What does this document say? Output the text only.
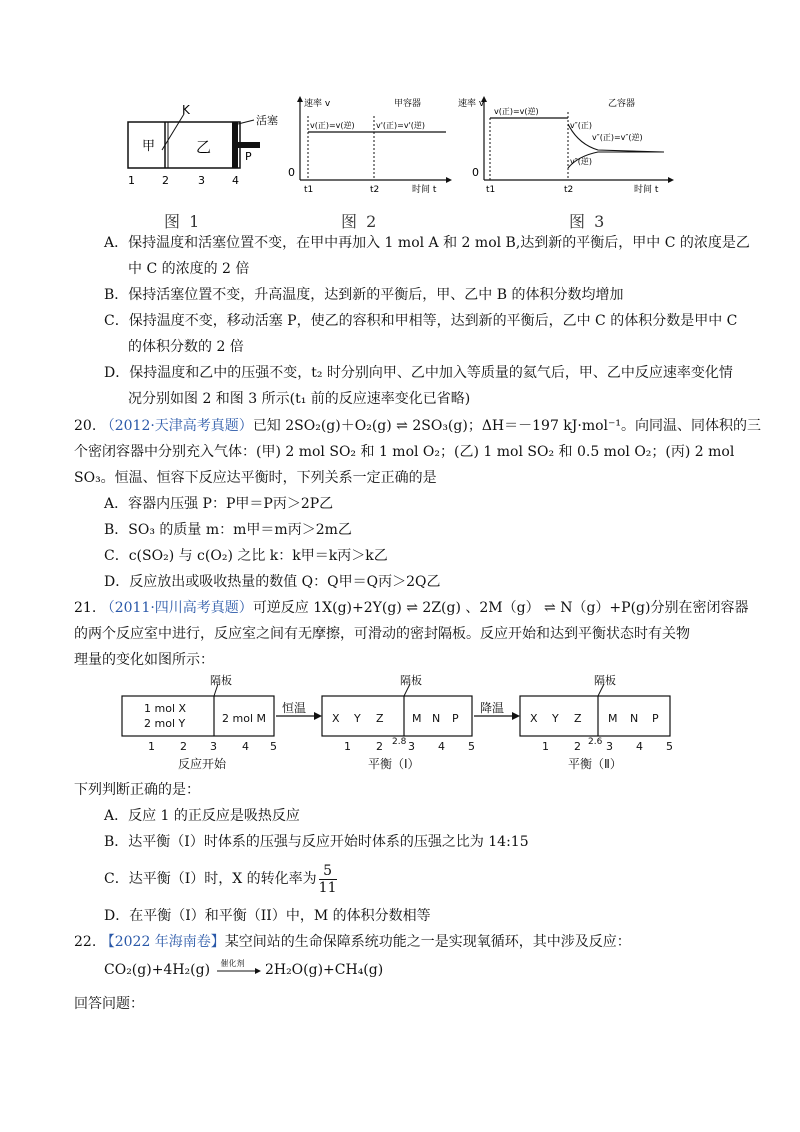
甲	乙
K
活塞
P
1 2	3 4
图 1
速率 v	甲容器
v(正)=v(逆)	v'(正)=v'(逆)
0
t1	t2	时间 t
图 2
速率 v	乙容器
v(正)=v(逆)
v″(正)
v″(正)=v″(逆)
v″(逆)
0
t1	t2	时间 t
图 3
A．保持温度和活塞位置不变，在甲中再加入 1 mol A 和 2 mol B,达到新的平衡后，甲中 C 的浓度是乙
中 C 的浓度的 2 倍
B．保持活塞位置不变，升高温度，达到新的平衡后，甲、乙中 B 的体积分数均增加
C．保持温度不变，移动活塞 P，使乙的容积和甲相等，达到新的平衡后，乙中 C 的体积分数是甲中 C
的体积分数的 2 倍
D．保持温度和乙中的压强不变，t₂ 时分别向甲、乙中加入等质量的氦气后，甲、乙中反应速率变化情
况分别如图 2 和图 3 所示(t₁ 前的反应速率变化已省略)
20. （2012·天津高考真题）已知 2SO₂(g)＋O₂(g) ⇌ 2SO₃(g)；ΔH＝－197 kJ·mol⁻¹。向同温、同体积的三
个密闭容器中分别充入气体：(甲) 2 mol SO₂ 和 1 mol O₂；(乙) 1 mol SO₂ 和 0.5 mol O₂；(丙) 2 mol
SO₃。恒温、恒容下反应达平衡时，下列关系一定正确的是
A．容器内压强 P：P甲＝P丙＞2P乙
B．SO₃ 的质量 m：m甲＝m丙＞2m乙
C．c(SO₂) 与 c(O₂) 之比 k：k甲＝k丙＞k乙
D．反应放出或吸收热量的数值 Q：Q甲＝Q丙＞2Q乙
21. （2011·四川高考真题）可逆反应 1X(g)+2Y(g) ⇌ 2Z(g) 、2M（g） ⇌ N（g）+P(g)分别在密闭容器
的两个反应室中进行，反应室之间有无摩擦，可滑动的密封隔板。反应开始和达到平衡状态时有关物
理量的变化如图所示：
隔板
1 mol X
2 mol Y	2 mol M
1 2 3 4 5
反应开始
恒温
隔板
X Y Z	M N P
1 2 2.8 3 4 5
平衡（Ⅰ）
降温
隔板
X Y Z M N P
1 2 2.6 3 4 5
平衡（Ⅱ）
下列判断正确的是：
A．反应 1 的正反应是吸热反应
B．达平衡（I）时体系的压强与反应开始时体系的压强之比为 14:15
C．达平衡（I）时，X 的转化率为 $\frac{5}{11}$
D．在平衡（I）和平衡（II）中，M 的体积分数相等
22. 【2022 年海南卷】某空间站的生命保障系统功能之一是实现氧循环，其中涉及反应：
CO₂(g)+4H₂(g) 催化剂 2H₂O(g)+CH₄(g)
回答问题：
